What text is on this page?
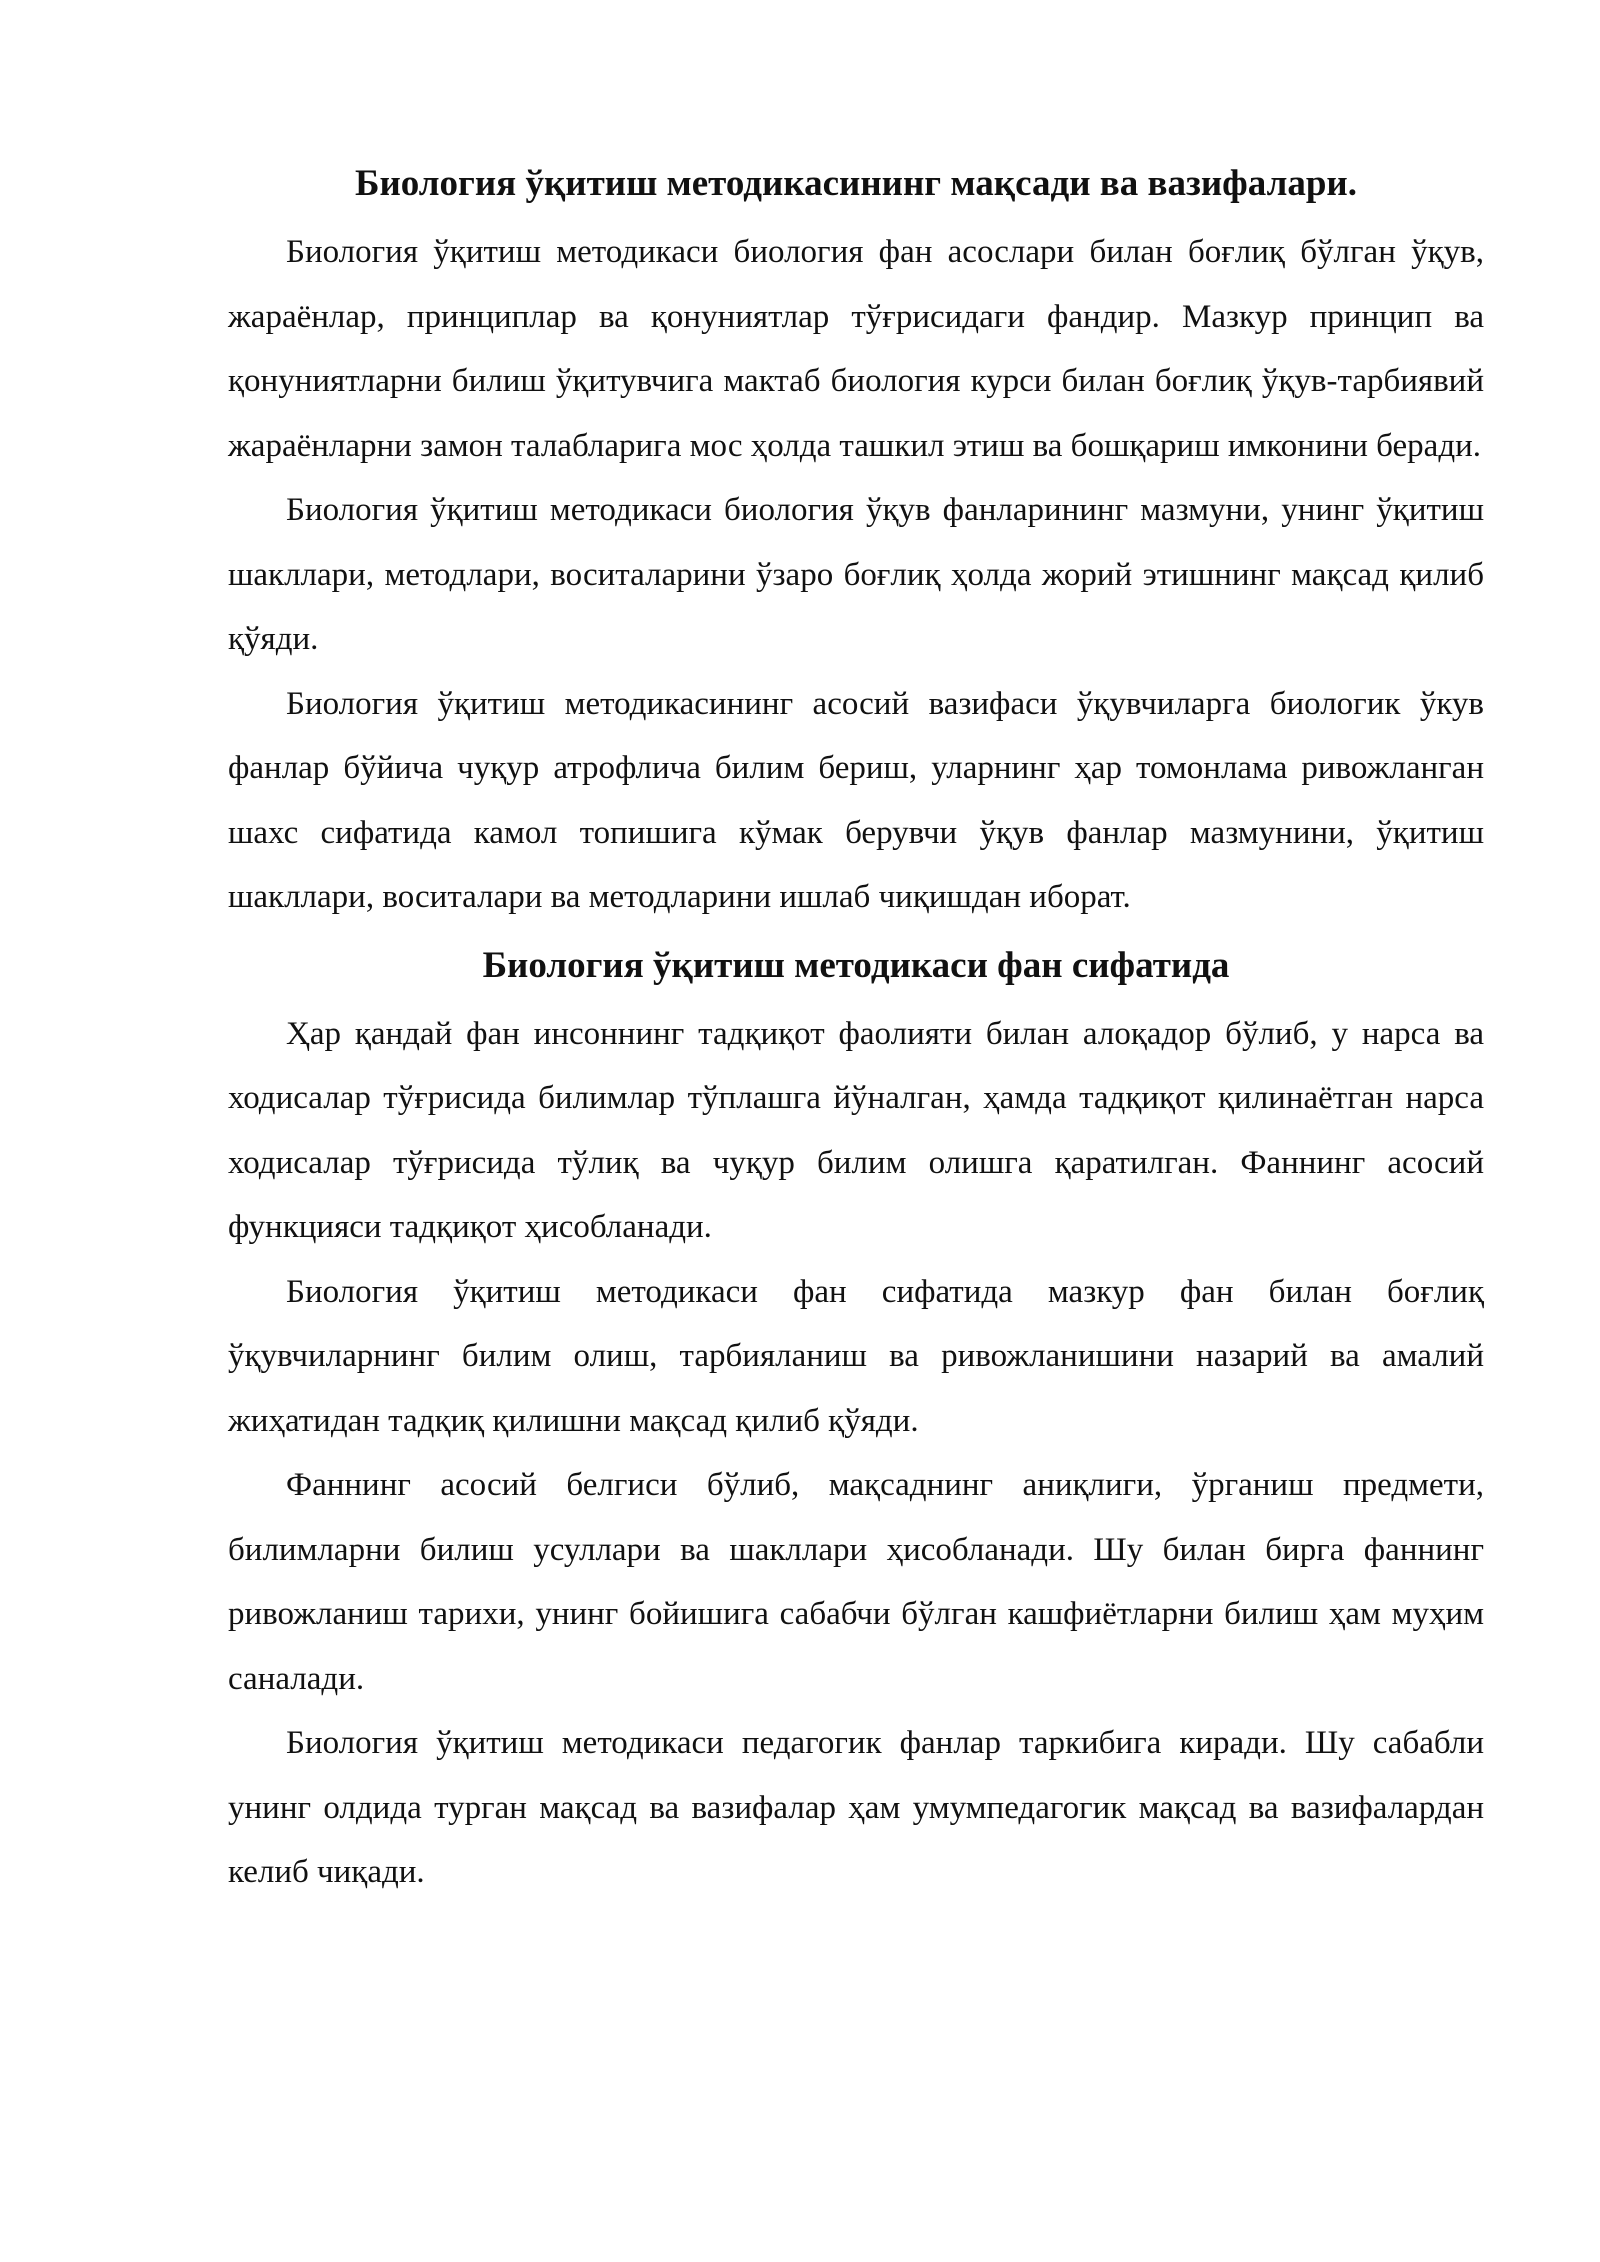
Биология ўқитиш методикасининг мақсади ва вазифалари.

Биология ўқитиш методикаси биология фан асослари билан боғлиқ бўлган ўқув, жараёнлар, принциплар ва қонуниятлар тўғрисидаги фандир. Мазкур принцип ва қонуниятларни билиш ўқитувчига мактаб биология курси билан боғлиқ ўқув-тарбиявий жараёнларни замон талабларига мос ҳолда ташкил этиш ва бошқариш имконини беради.

Биология ўқитиш методикаси биология ўқув фанларининг мазмуни, унинг ўқитиш шакллари, методлари, воситаларини ўзаро боғлиқ ҳолда жорий этишнинг мақсад қилиб қўяди.

Биология ўқитиш методикасининг асосий вазифаси ўқувчиларга биологик ўкув фанлар бўйича чуқур атрофлича билим бериш, уларнинг ҳар томонлама ривожланган шахс сифатида камол топишига кўмак берувчи ўқув фанлар мазмунини, ўқитиш шакллари, воситалари ва методларини ишлаб чиқишдан иборат.

Биология ўқитиш методикаси фан сифатида

Ҳар қандай фан инсоннинг тадқиқот фаолияти билан алоқадор бўлиб, у нарса ва ходисалар тўғрисида билимлар тўплашга йўналган, ҳамда тадқиқот қилинаётган нарса ходисалар тўғрисида тўлиқ ва чуқур билим олишга қаратилган. Фаннинг асосий функцияси тадқиқот ҳисобланади.

Биология ўқитиш методикаси фан сифатида мазкур фан билан боғлиқ ўқувчиларнинг билим олиш, тарбияланиш ва ривожланишини назарий ва амалий жиҳатидан тадқиқ қилишни мақсад қилиб қўяди.

Фаннинг асосий белгиси бўлиб, мақсаднинг аниқлиги, ўрганиш предмети, билимларни билиш усуллари ва шакллари ҳисобланади. Шу билан бирга фаннинг ривожланиш тарихи, унинг бойишига сабабчи бўлган кашфиётларни билиш ҳам муҳим саналади.

Биология ўқитиш методикаси педагогик фанлар таркибига киради. Шу сабабли унинг олдида турган мақсад ва вазифалар ҳам умумпедагогик мақсад ва вазифалардан келиб чиқади.
